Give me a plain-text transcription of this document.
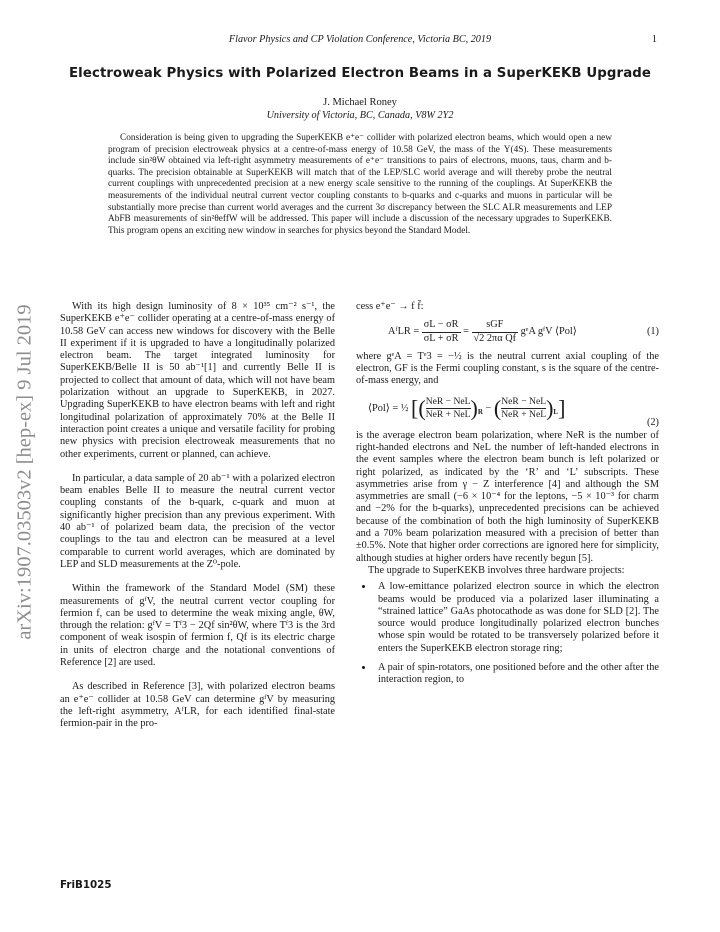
Flavor Physics and CP Violation Conference, Victoria BC, 2019	1
Electroweak Physics with Polarized Electron Beams in a SuperKEKB Upgrade
J. Michael Roney
University of Victoria, BC, Canada, V8W 2Y2

Consideration is being given to upgrading the SuperKEKB e⁺e⁻ collider with polarized electron beams, which would open a new program of precision electroweak physics at a centre-of-mass energy of 10.58 GeV, the mass of the Υ(4S). These measurements include sin²θW obtained via left-right asymmetry measurements of e⁺e⁻ transitions to pairs of electrons, muons, taus, charm and b-quarks. The precision obtainable at SuperKEKB will match that of the LEP/SLC world average and will thereby probe the neutral current couplings with unprecedented precision at a new energy scale sensitive to the running of the couplings. At SuperKEKB the measurements of the individual neutral current vector coupling constants to b-quarks and c-quarks and muons in particular will be substantially more precise than current world averages and the current 3σ discrepancy between the SLC ALR measurements and LEP AbFB measurements of sin²θeffW will be addressed. This paper will include a discussion of the necessary upgrades to SuperKEKB. This program opens an exciting new window in searches for physics beyond the Standard Model.

arXiv:1907.03503v2 [hep-ex] 9 Jul 2019	With its high design luminosity of 8 × 10³⁵ cm⁻² s⁻¹, the SuperKEKB e⁺e⁻ collider operating at a centre-of-mass energy of 10.58 GeV can access new windows for discovery with the Belle II experiment if it is upgraded to have a longitudinally polarized electron beam. The target integrated luminosity for SuperKEKB/Belle II is 50 ab⁻¹[1] and currently Belle II is projected to collect that amount of data, which will not have beam polarization without an upgrade to SuperKEKB, in 2027. Upgrading SuperKEKB to have electron beams with left and right longitudinal polarization of approximately 70% at the Belle II interaction point creates a unique and versatile facility for probing new physics with precision electroweak measurements that no other experiments, current or planned, can achieve.

In particular, a data sample of 20 ab⁻¹ with a polarized electron beam enables Belle II to measure the neutral current vector coupling constants of the b-quark, c-quark and muon at significantly higher precision than any previous experiment. With 40 ab⁻¹ of polarized beam data, the precision of the vector couplings to the tau and electron can be measured at a level comparable to current world averages, which are dominated by LEP and SLD measurements at the Z⁰-pole.

Within the framework of the Standard Model (SM) these measurements of gᶠV, the neutral current vector coupling for fermion f, can be used to determine the weak mixing angle, θW, through the relation: gᶠV = Tᶠ3 − 2Qf sin²θW, where Tᶠ3 is the 3rd component of weak isospin of fermion f, Qf is its electric charge in units of electron charge and the notational conventions of Reference [2] are used.

As described in Reference [3], with polarized electron beams an e⁺e⁻ collider at 10.58 GeV can determine gᶠV by measuring the left-right asymmetry, AᶠLR, for each identified final-state fermion-pair in the pro-

cess e⁺e⁻ → f f̄:

AᶠLR = $\frac{\sigma L - \sigma R}{\sigma L + \sigma R} = \frac{\text{sGF}}{\text{√2 2πα Qf}}$ gᵉA gᶠV ⟨Pol⟩	(1)

where gᵉA = Tᵉ3 = −½ is the neutral current axial coupling of the electron, GF is the Fermi coupling constant, s is the square of the centre-of-mass energy, and

⟨Pol⟩ = ½ [( NeR − NeL
NeR + NeL )$_R$ − ( NeR − NeL
NeR + NeL )$_L$]
(2)

is the average electron beam polarization, where NeR is the number of right-handed electrons and NeL the number of left-handed electrons in the event samples where the electron beam bunch is left polarized or right polarized, as indicated by the ‘R’ and ‘L’ subscripts. These asymmetries arise from γ − Z interference [4] and although the SM asymmetries are small (−6 × 10⁻⁴ for the leptons, −5 × 10⁻³ for charm and −2% for the b-quarks), unprecedented precisions can be achieved because of the combination of both the high luminosity of SuperKEKB and a 70% beam polarization measured with a precision of better than ±0.5%. Note that higher order corrections are ignored here for simplicity, although studies at higher orders have recently begun [5].

The upgrade to SuperKEKB involves three hardware projects:

• A low-emittance polarized electron source in which the electron beams would be produced via a polarized laser illuminating a “strained lattice” GaAs photocathode as was done for SLD [2]. The source would produce longitudinally polarized electron bunches whose spin would be rotated to be transversely polarized before it enters the SuperKEKB electron storage ring;
• A pair of spin-rotators, one positioned before and the other after the interaction region, to
FriB1025
